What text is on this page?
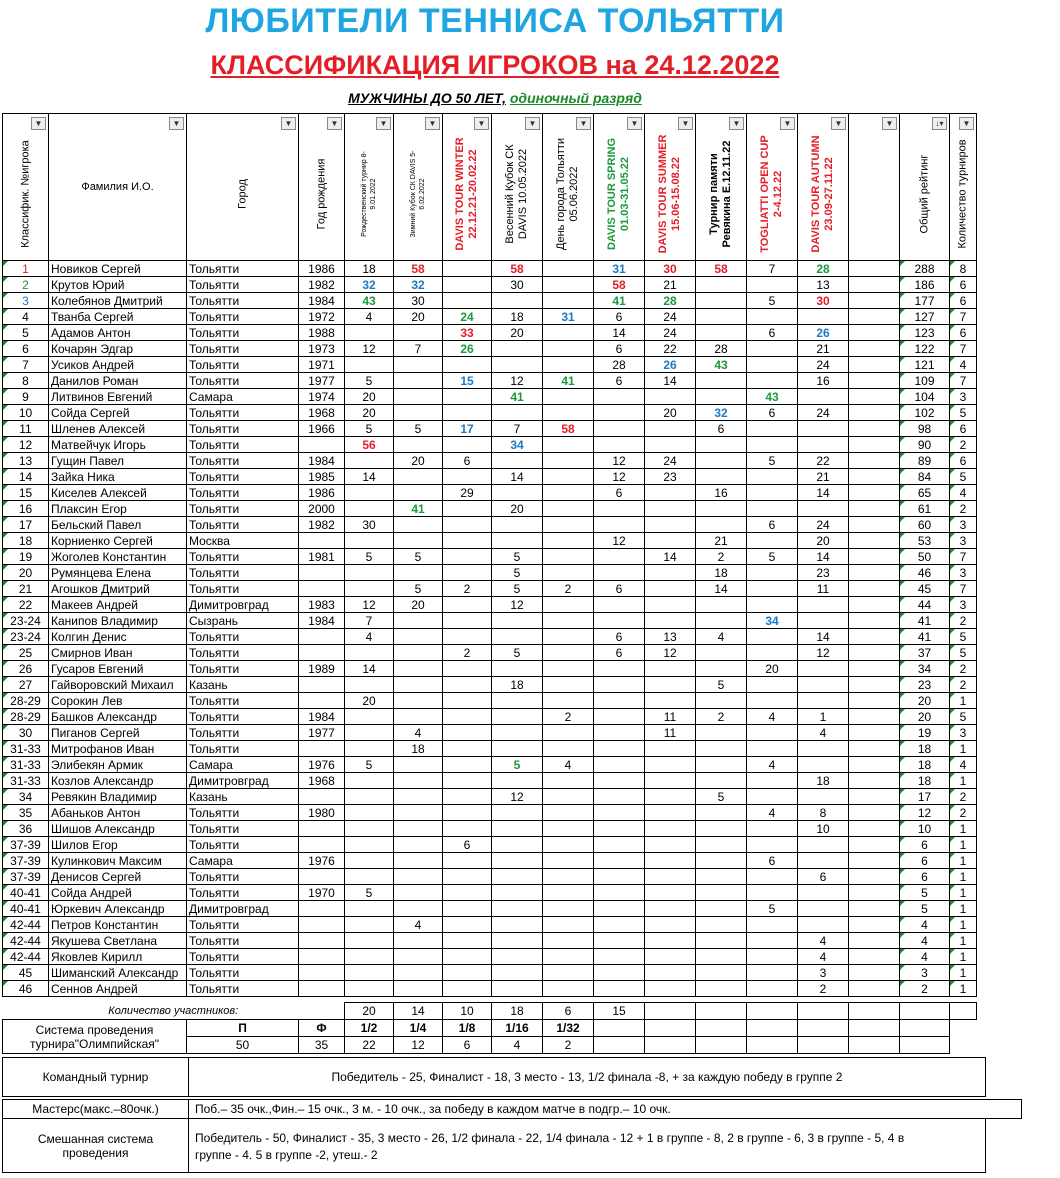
ЛЮБИТЕЛИ ТЕННИСА ТОЛЬЯТТИ
КЛАССИФИКАЦИЯ ИГРОКОВ на 24.12.2022
МУЖЧИНЫ ДО 50 ЛЕТ, одиночный разряд
▼
Классифик. №игрока	▼
Фамилия И.О.	▼
Город	▼
Год рождения	▼
Рождественский турнир 8- 9.01.2022	▼
Зимний Кубок СК DAVIS 5- 6.02.2022	▼
DAVIS TOUR WINTER
22.12.21-20.02.22	▼
Весенний Кубок СК
DAVIS 10.05.2022	▼
День города Тольятти
05.06.2022	▼
DAVIS TOUR SPRING
01.03-31.05.22	▼
DAVIS TOUR SUMMER
15.06-15.08.22	▼
Турнир памяти
Ревякина Е.12.11.22	▼
TOGLIATTI OPEN CUP
2-4.12.22	▼
DAVIS TOUR AUTUMN
23.09-27.11.22	▼	↓▾
Общий рейтинг	▼
Количество турниров

1	Новиков Сергей	Тольятти	1986	18	58		58		31	30	58	7	28		288	8
2	Крутов Юрий	Тольятти	1982	32	32		30		58	21			13		186	6
3	Колебянов Дмитрий	Тольятти	1984	43	30				41	28		5	30		177	6
4	Тванба Сергей	Тольятти	1972	4	20	24	18	31	6	24					127	7
5	Адамов Антон	Тольятти	1988			33	20		14	24		6	26		123	6
6	Кочарян Эдгар	Тольятти	1973	12	7	26			6	22	28		21		122	7
7	Усиков Андрей	Тольятти	1971						28	26	43		24		121	4
8	Данилов Роман	Тольятти	1977	5		15	12	41	6	14			16		109	7
9	Литвинов Евгений	Самара	1974	20			41					43			104	3
10	Сойда Сергей	Тольятти	1968	20						20	32	6	24		102	5
11	Шленев Алексей	Тольятти	1966	5	5	17	7	58			6				98	6
12	Матвейчук Игорь	Тольятти		56			34								90	2
13	Гущин Павел	Тольятти	1984		20	6			12	24		5	22		89	6
14	Зайка Ника	Тольятти	1985	14			14		12	23			21		84	5
15	Киселев Алексей	Тольятти	1986			29			6		16		14		65	4
16	Плаксин Егор	Тольятти	2000		41		20								61	2
17	Бельский Павел	Тольятти	1982	30								6	24		60	3
18	Корниенко Сергей	Москва							12		21		20		53	3
19	Жоголев Константин	Тольятти	1981	5	5		5			14	2	5	14		50	7
20	Румянцева Елена	Тольятти					5				18		23		46	3
21	Агошков Дмитрий	Тольятти			5	2	5	2	6		14		11		45	7
22	Макеев Андрей	Димитровград	1983	12	20		12								44	3
23-24	Канипов Владимир	Сызрань	1984	7								34			41	2
23-24	Колгин Денис	Тольятти		4					6	13	4		14		41	5
25	Смирнов Иван	Тольятти				2	5		6	12			12		37	5
26	Гусаров Евгений	Тольятти	1989	14								20			34	2
27	Гайворовский Михаил	Казань					18				5				23	2
28-29	Сорокин Лев	Тольятти		20											20	1
28-29	Башков Александр	Тольятти	1984					2		11	2	4	1		20	5
30	Пиганов Сергей	Тольятти	1977		4					11			4		19	3
31-33	Митрофанов Иван	Тольятти			18										18	1
31-33	Элибекян Армик	Самара	1976	5			5	4				4			18	4
31-33	Козлов Александр	Димитровград	1968										18		18	1
34	Ревякин Владимир	Казань					12				5				17	2
35	Абаньков Антон	Тольятти	1980									4	8		12	2
36	Шишов Александр	Тольятти											10		10	1
37-39	Шилов Егор	Тольятти				6									6	1
37-39	Кулинкович Максим	Самара	1976									6			6	1
37-39	Денисов Сергей	Тольятти											6		6	1
40-41	Сойда Андрей	Тольятти	1970	5											5	1
40-41	Юркевич Александр	Димитровград										5			5	1
42-44	Петров Константин	Тольятти			4										4	1
42-44	Якушева Светлана	Тольятти											4		4	1
42-44	Яковлев Кирилл	Тольятти											4		4	1
45	Шиманский Александр	Тольятти											3		3	1
46	Сеннов Андрей	Тольятти											2		2	1
Количество участников:			20	14	10	18	6	15							
Система проведения
турнира"Олимпийская"	П	Ф	1/2	1/4	1/8	1/16	1/32								
	50	35	22	12	6	4	2								
Командный турнир	Победитель - 25, Финалист - 18, 3 место - 13, 1/2 финала -8, + за каждую победу в группе 2
Мастерс(макс.–80очк.)	Поб.– 35 очк.,Фин.– 15 очк., 3 м. - 10 очк., за победу в каждом матче в подгр.– 10 очк.
Смешанная система
проведения
Победитель - 50, Финалист - 35, 3 место - 26, 1/2 финала - 22, 1/4 финала - 12 + 1 в группе - 8, 2 в группе - 6, 3 в группе - 5, 4 в
группе - 4. 5 в группе -2, утеш.- 2
